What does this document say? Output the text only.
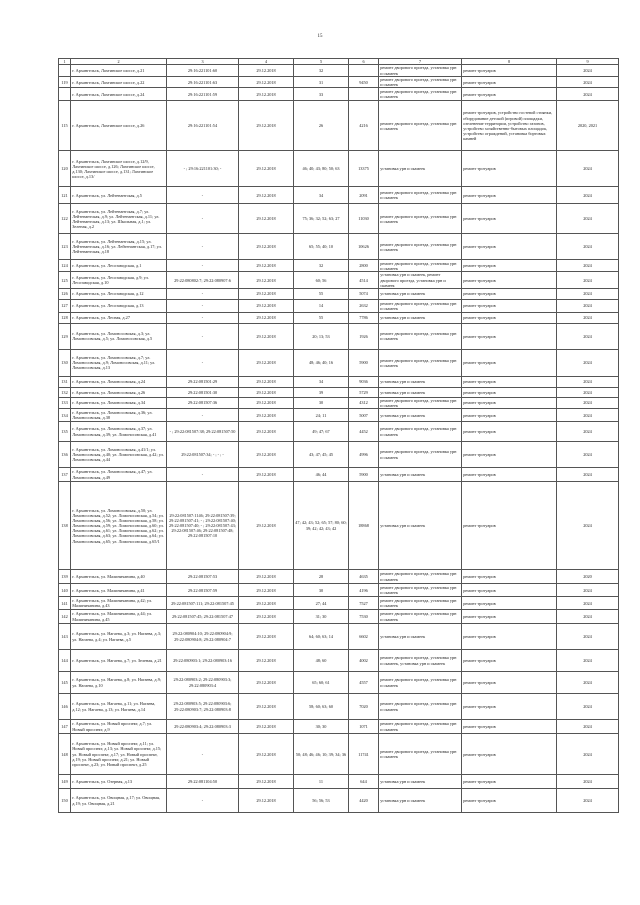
15
1	2	3	4	5	6	7	8	9
	г. Архангельск, Лахтинское шоссе, д.21	29:16:221101:60	29.12.2018	32		ремонт дворового проезда, установка урн и скамеек	ремонт тротуаров	2024
119	г. Архангельск, Лахтинское шоссе, д.22	29:16:221101:63	29.12.2018	31	9450	ремонт дворового проезда, установка урн и скамеек	ремонт тротуаров	2024
	г. Архангельск, Лахтинское шоссе, д.24	29:16:221101:59	29.12.2018	33		ремонт дворового проезда, установка урн и скамеек	ремонт тротуаров	2024
115	г. Архангельск, Лахтинское шоссе, д.26	29:16:221101:54	29.12.2018	26	4216	ремонт дворового проезда, установка урн и скамеек	ремонт тротуаров, устройство гостевой стоянки, оборудование детской (игровой) площадки, озеленение территории, устройство газонов, устройство хозяйственно-бытовых площадок, устройство ограждений, установка бортовых камней	2020, 2021
120	г. Архангельск, Лахтинское шоссе, д.12/9, Лахтинское шоссе, д.126; Лахтинское шоссе, д.130; Лахтинское шоссе, д.131; Лахтинское шоссе, д.13/	- ; 29:16:221101:30; -	29.12.2018	46; 40; 43; 80; 50; 63	13375	установка урн и скамеек	ремонт тротуаров	2024
121	г. Архангельск, ул. Лейтенантская, д.5	-	29.12.2018	34	2091	ремонт дворового проезда, установка урн и скамеек	ремонт тротуаров	2024
122	г. Архангельск, ул. Лейтенантская, д.7; ул. Лейтенантская, д.9; ул. Лейтенантская, д.11; ул. Лейтенантская, д.13; ул. Школьная, д.1; ул. Зеленая, д.2	-	29.12.2018	75; 36; 32; 52; 63; 27	11030	ремонт дворового проезда, установка урн и скамеек	ремонт тротуаров	2024
123	г. Архангельск, ул. Лейтенантская, д.15; ул. Лейтенантская, д.16; ул. Лейтенантская, д.17; ул. Лейтенантская, д.18	-	29.12.2018	65; 55; 40; 10	10626	ремонт дворового проезда, установка урн и скамеек	ремонт тротуаров	2024
124	г. Архангельск, ул. Лесозаводская, д.1	-	29.12.2018	32	2800	ремонт дворового проезда, установка урн и скамеек	ремонт тротуаров	2024
125	г. Архангельск, ул. Лесозаводская, д.9; ул. Лесозаводская, д.10	29:22:080802:7; 29:22:080907:6	29.12.2018	60; 56	4514	установка урн и скамеек, ремонт дворового проезда, установка урн и скамеек	ремонт тротуаров	2024
126	г. Архангельск, ул. Лесозаводская, д.12	-	29.12.2018	55	5074	установка урн и скамеек	ремонт тротуаров	2024
127	г. Архангельск, ул. Лесозаводская, д.13	-	29.12.2018	14	2632	ремонт дворового проезда, установка урн и скамеек	ремонт тротуаров	2024
128	г. Архангельск, ул. Лесная, д.27	-	29.12.2018	55	7786	установка урн и скамеек	ремонт тротуаров	2024
129	г. Архангельск, ул. Ломоносовская, д.3; ул. Ломоносовская, д.5; ул. Ломоносовская, д.5	-	29.12.2018	20; 13; 53	1926	ремонт дворового проезда, установка урн и скамеек	ремонт тротуаров	2024
130	г. Архангельск, ул. Ломоносовская, д.7; ул. Ломоносовская, д.9; Ломоносовская, д.11; ул. Ломоносовская, д.13	-	29.12.2018	48; 46; 40; 16	5900	ремонт дворового проезда, установка урн и скамеек	ремонт тротуаров	2024
131	г. Архангельск, ул. Ломоносовская, д.24	29:22:081501:29	29.12.2018	34	9036	установка урн и скамеек	ремонт тротуаров	2024
132	г. Архангельск, ул. Ломоносовская, д.26	29:22:081501:30	29.12.2018	39	5729	установка урн и скамеек	ремонт тротуаров	2024
133	г. Архангельск, ул. Ломоносовская, д.34	29:22:081507:36	29.12.2018	30	4312	ремонт дворового проезда, установка урн и скамеек	ремонт тротуаров	2024
134	г. Архангельск, ул. Ломоносовская, д.36; ул. Ломоносовская, д.38	-	29.12.2018	24; 11	5007	установка урн и скамеек	ремонт тротуаров	2024
135	г. Архангельск, ул. Ломоносовская, д.37; ул. Ломоносовская, д.39; ул. Ломоносовская, д.41	- ; 29:22:081507:38; 29:22:081507:50	29.12.2018	49; 47; 67	4452	ремонт дворового проезда, установка урн и скамеек	ремонт тротуаров	2024
136	г. Архангельск, ул. Ломоносовская, д.41/1; ул. Ломоносовская, д.40; ул. Ломоносовская, д.42; ул. Ломоносовская, д.44	29:22:081507:34; - ; - ; -	29.12.2018	43; 47; 45; 45	4996	ремонт дворового проезда, установка урн и скамеек	ремонт тротуаров	2024
137	г. Архангельск, ул. Ломоносовская, д.47; ул. Ломоносовская, д.49	-	29.12.2018	46; 44	5900	установка урн и скамеек	ремонт тротуаров	2024
138	г. Архангельск, ул. Ломоносовская, д.50; ул. Ломоносовская, д.52; ул. Ломоносовская, д.54; ул. Ломоносовская, д.56; ул. Ломоносовская, д.58; ул. Ломоносовская, д.59; ул. Ломоносовская, д.60; ул. Ломоносовская, д.61; ул. Ломоносовская, д.62; ул. Ломоносовская, д.63; ул. Ломоносовская, д.64; ул. Ломоносовская, д.65; ул. Ломоносовская, д.65/1	29:22:081507:1146; 29:22:081507:39; 29:22:081507:41; - ; 29:22:081507:40; 29:22:081507:40; - ; 29:22:081507:43; 29:22:081507:46; 29:22:081507:48; 29:22:081507:10	29.12.2018	47; 42; 43; 52; 65; 57; 80; 60; 39; 42; 42; 43; 42	18868	установка урн и скамеек	ремонт тротуаров	2024
139	г. Архангельск, ул. Малиничанина, д.40	29:22:081507:53	29.12.2018	28	4635	ремонт дворового проезда, установка урн и скамеек	ремонт тротуаров	2020
140	г. Архангельск, ул. Малиничанина, д.41	29:22:081507:59	29.12.2018	30	4196	ремонт дворового проезда, установка урн и скамеек	ремонт тротуаров	2024
141	г. Архангельск, ул. Малиничанина, д.42; ул. Малиничанина, д.43	29:22:081507:111; 29:22:081507:45	29.12.2018	27; 44	7527	ремонт дворового проезда, установка урн и скамеек	ремонт тротуаров	2024
142	г. Архангельск, ул. Малиничанина, д.44; ул. Малиничанина, д.45	29:22:081507:45; 29:22:081507:47	29.12.2018	31; 30	7530	ремонт дворового проезда, установка урн и скамеек	ремонт тротуаров	2024
143	г. Архангельск, ул. Нагаева, д.3; ул. Нагаева, д.3; ул. Нагаева, д.4; ул. Нагаева, д.5	29:22:080904:10; 29:22:080904:9; 29:22:080904:8; 29:22:080904:7	29.12.2018	64; 60; 63; 14	6602	установка урн и скамеек	ремонт тротуаров	2024
144	г. Архангельск, ул. Нагаева, д.7; ул. Зеленая, д.21	29:22:080903:1; 29:22:080903:16	29.12.2018	48; 60	4002	ремонт дворового проезда, установка урн и скамеек, установка урн и скамеек	ремонт тротуаров	2024
145	г. Архангельск, ул. Нагаева, д.8; ул. Нагаева, д.9; ул. Нагаева, д.10	29:22:080903:2; 29:22:080903:3; 29:22:080903:4	29.12.2018	65; 60; 61	4557	ремонт дворового проезда, установка урн и скамеек	ремонт тротуаров	2024
146	г. Архангельск, ул. Нагаева, д.11; ул. Нагаева, д.12; ул. Нагаева, д.13; ул. Нагаева, д.14	29:22:080903:5; 29:22:080903:6; 29:22:080903:7; 29:22:080903:8	29.12.2018	58; 60; 63; 60	7020	ремонт дворового проезда, установка урн и скамеек	ремонт тротуаров	2024
147	г. Архангельск, ул. Новый проспект, д.7; ул. Новый проспект, д.9	29:22:080903:4; 29:22:080903:3	29.12.2018	30; 30	1071	ремонт дворового проезда, установка урн и скамеек	ремонт тротуаров	2024
148	г. Архангельск, ул. Новый проспект, д.11; ул. Новый проспект, д.13; ул. Новый проспект, д.15; ул. Новый проспект, д.17; ул. Новый проспект, д.19; ул. Новый проспект, д.21; ул. Новый проспект, д.23; ул. Новый проспект, д.25	-	29.12.2018	50; 48; 46; 46; 10; 39; 34; 36	11741	ремонт дворового проезда, установка урн и скамеек	ремонт тротуаров	2024
149	г. Архангельск, ул. Озерная, д.13	29:22:081104:50	29.12.2018	11	644	установка урн и скамеек	ремонт тротуаров	2024
150	г. Архангельск, ул. Овощная, д.17; ул. Овощная, д.19; ул. Овощная, д.21	-	29.12.2018	56; 56; 53	4420	установка урн и скамеек	ремонт тротуаров	2024
